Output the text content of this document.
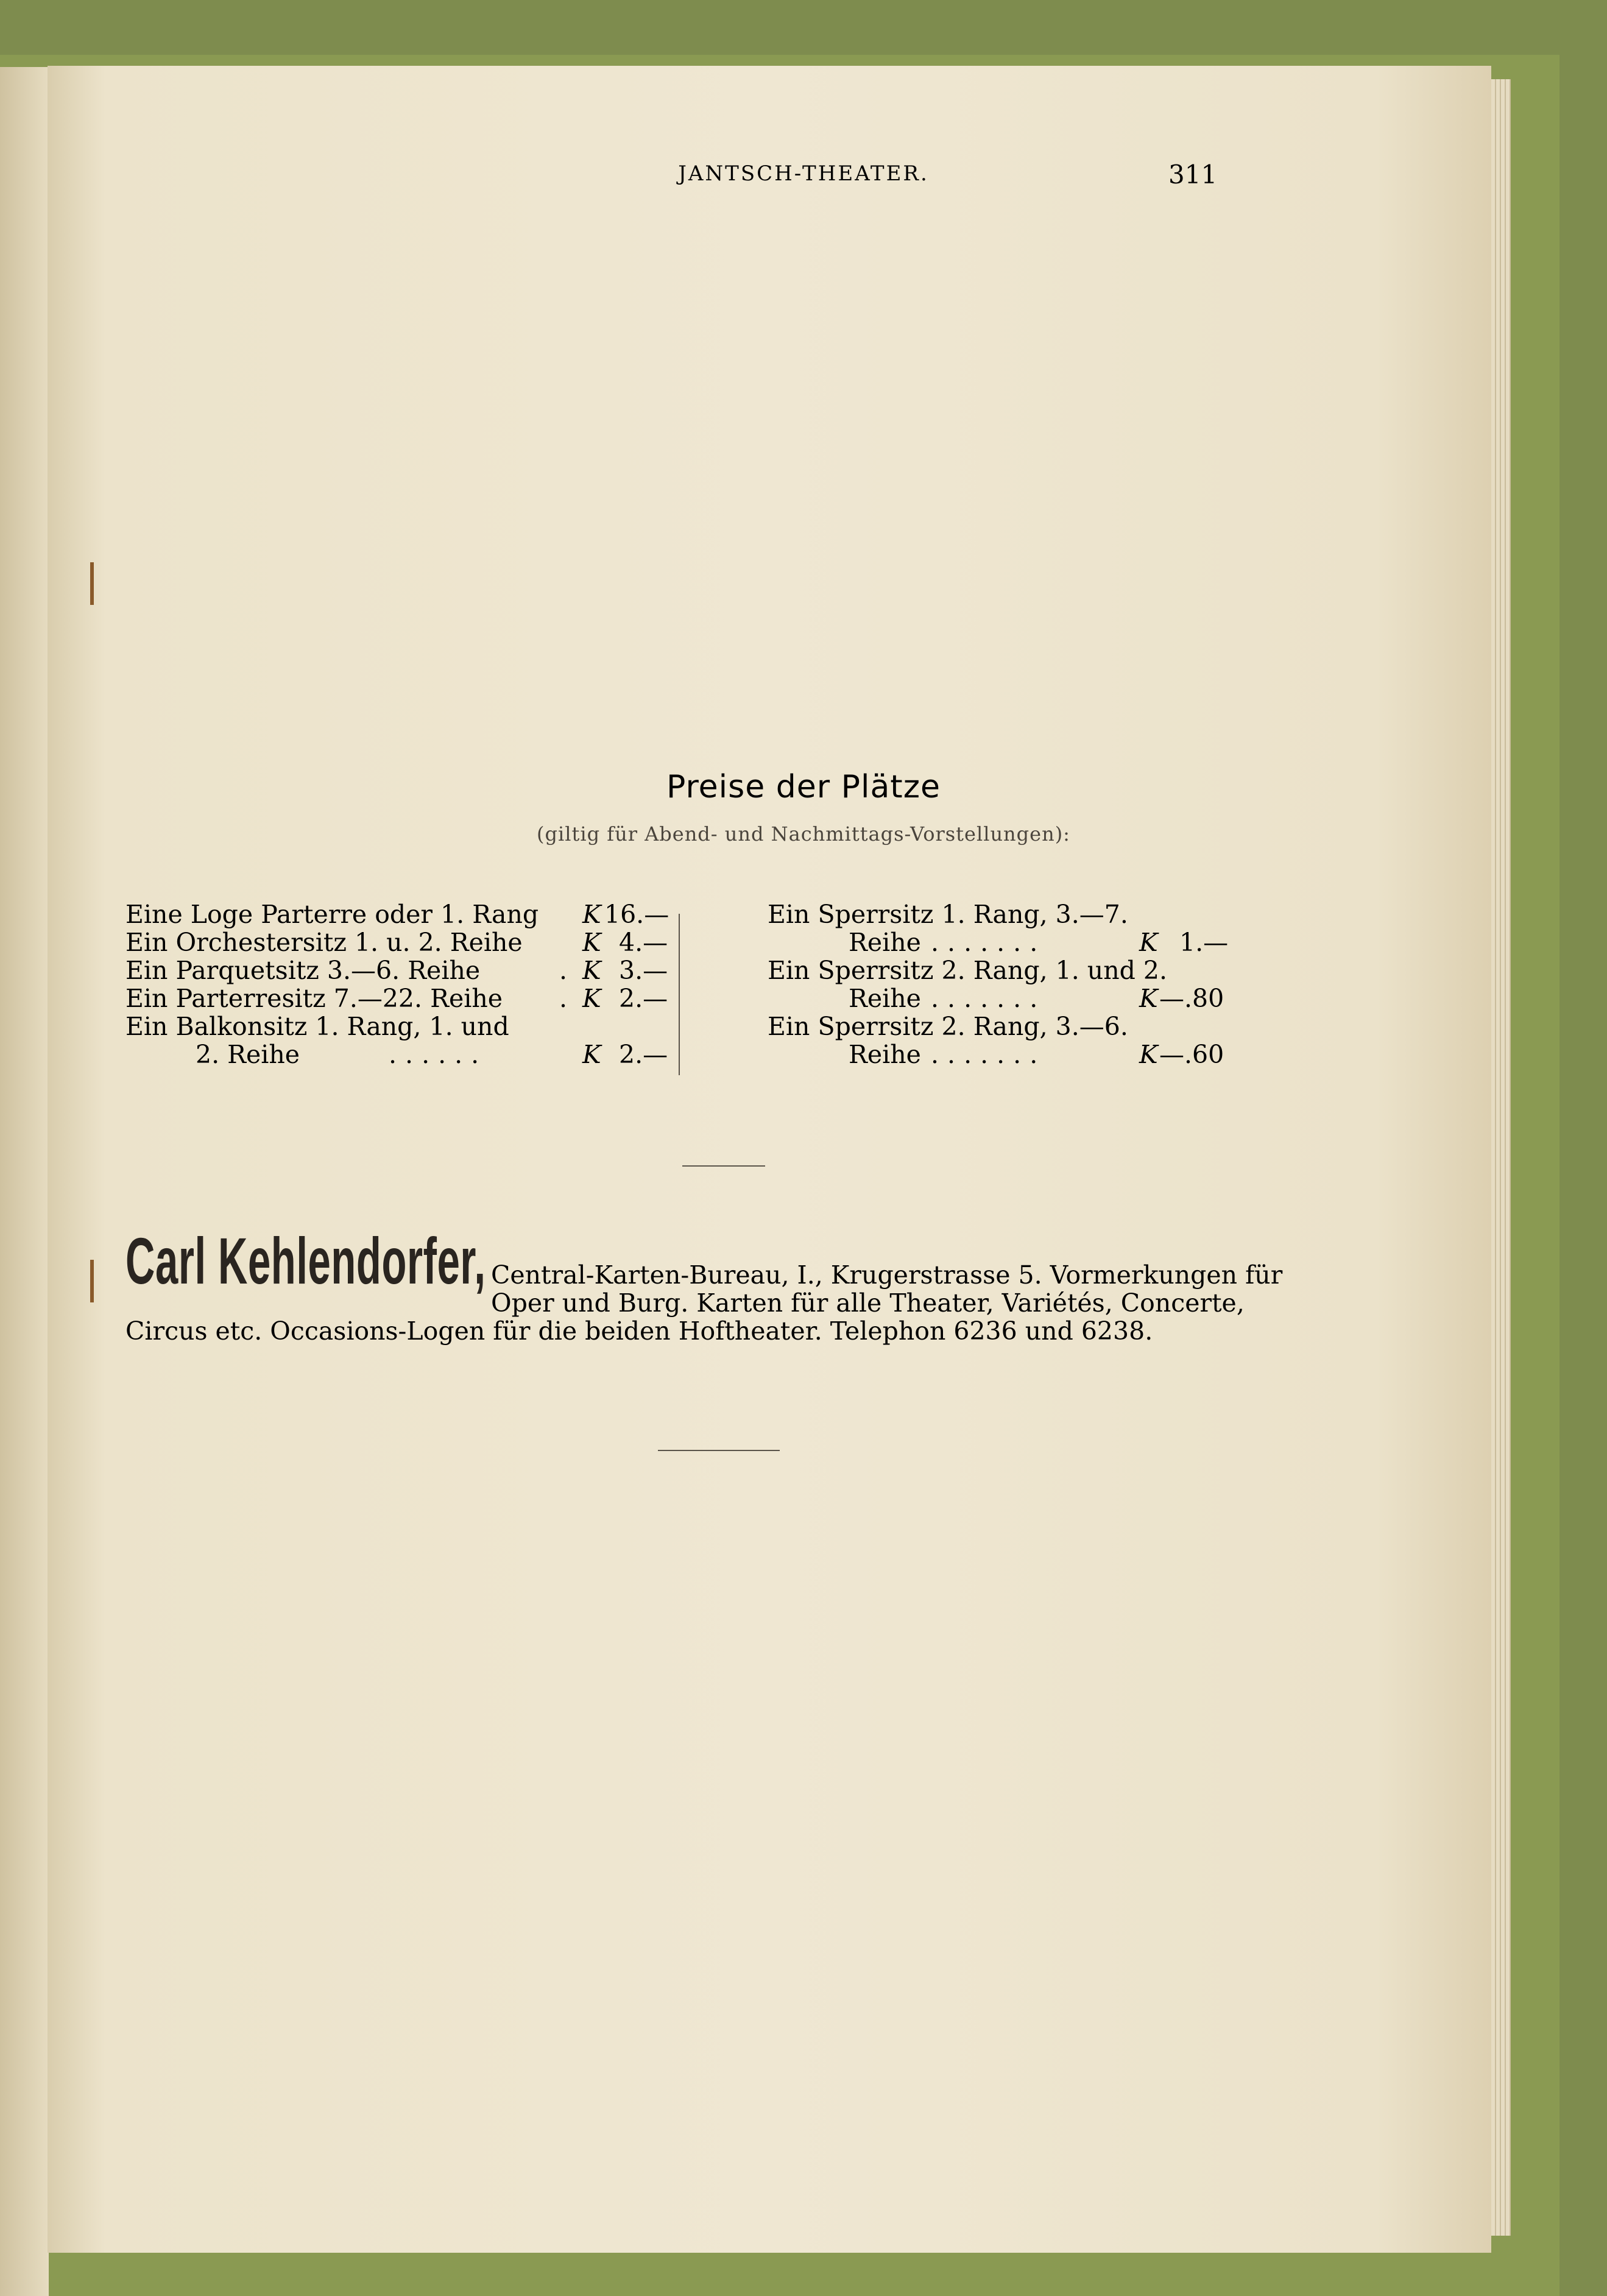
JANTSCH-THEATER.	311
Preise der Plätze
(giltig für Abend- und Nachmittags-Vorstellungen):
Eine Loge Parterre oder 1. Rang K 16.—
Ein Orchestersitz 1. u. 2. Reihe K 4.—
Ein Parquetsitz 3.—6. Reihe	. K 3.—
Ein Parterresitz 7.—22. Reihe . K 2.—
Ein Balkonsitz 1. Rang, 1. und
2. Reihe	......	K 2.—
Ein Sperrsitz 1. Rang, 3.—7.
Reihe .......	K 1.—
Ein Sperrsitz 2. Rang, 1. und 2.
Reihe .......	K —.80
Ein Sperrsitz 2. Rang, 3.—6.
Reihe .......	K —.60
Carl Kehlendorfer, Central-Karten-Bureau, I., Krugerstrasse 5. Vormerkungen für
Oper und Burg. Karten für alle Theater, Variétés, Concerte,
Circus etc. Occasions-Logen für die beiden Hoftheater. Telephon 6236 und 6238.
